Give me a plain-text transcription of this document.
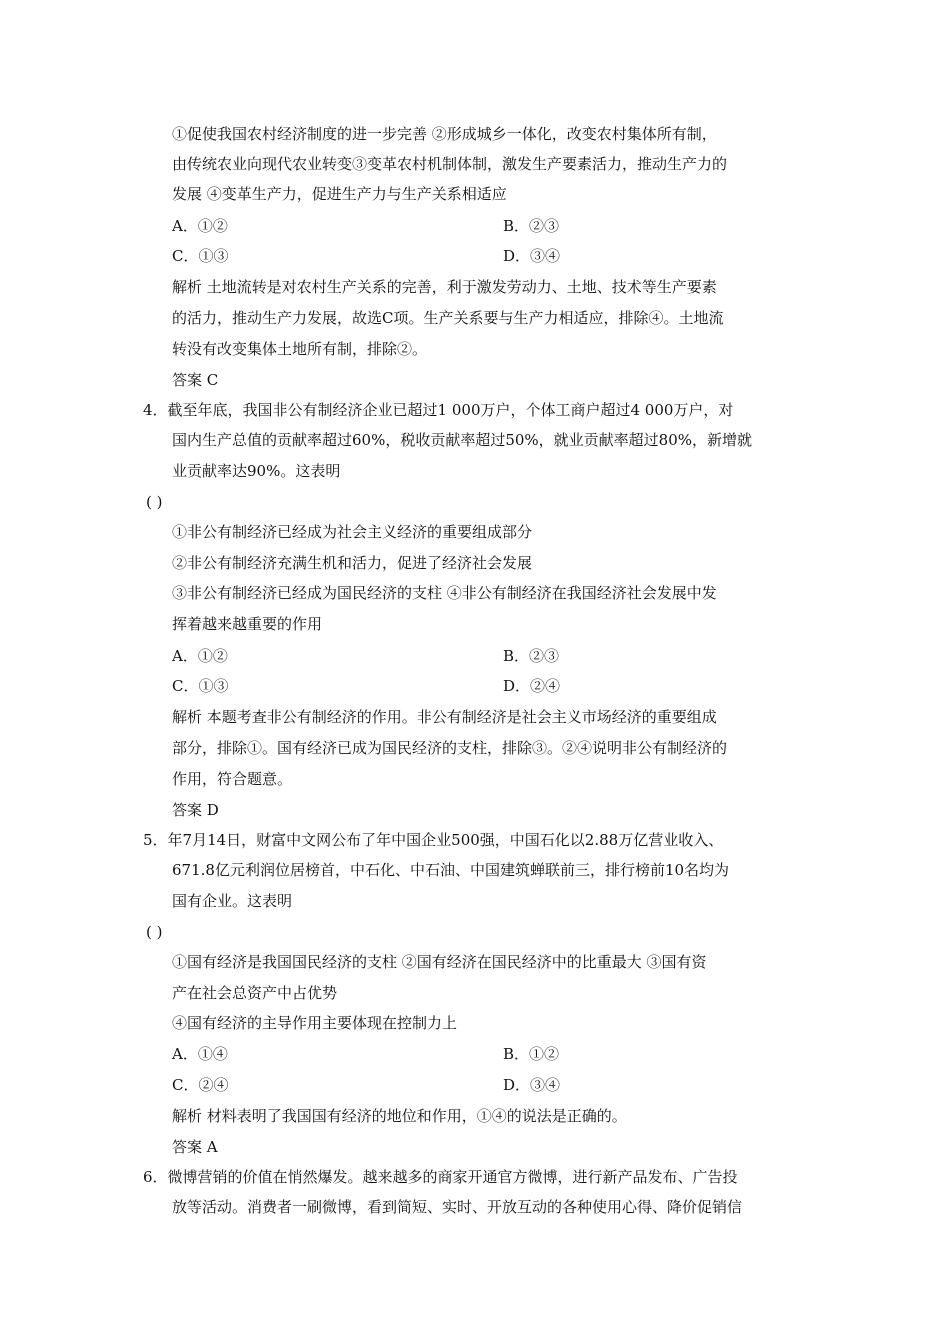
①促使我国农村经济制度的进一步完善 ②形成城乡一体化，改变农村集体所有制，
由传统农业向现代农业转变③变革农村机制体制，激发生产要素活力，推动生产力的
发展 ④变革生产力，促进生产力与生产关系相适应
A．①②	B．②③
C．①③	D．③④
解析 土地流转是对农村生产关系的完善，利于激发劳动力、土地、技术等生产要素
的活力，推动生产力发展，故选C项。生产关系要与生产力相适应，排除④。土地流
转没有改变集体土地所有制，排除②。
答案 C
4．截至年底，我国非公有制经济企业已超过1 000万户，个体工商户超过4 000万户，对
国内生产总值的贡献率超过60%，税收贡献率超过50%，就业贡献率超过80%，新增就
业贡献率达90%。这表明
( )
①非公有制经济已经成为社会主义经济的重要组成部分
②非公有制经济充满生机和活力，促进了经济社会发展
③非公有制经济已经成为国民经济的支柱 ④非公有制经济在我国经济社会发展中发
挥着越来越重要的作用
A．①②	B．②③
C．①③	D．②④
解析 本题考查非公有制经济的作用。非公有制经济是社会主义市场经济的重要组成
部分，排除①。国有经济已成为国民经济的支柱，排除③。②④说明非公有制经济的
作用，符合题意。
答案 D
5．年7月14日，财富中文网公布了年中国企业500强，中国石化以2.88万亿营业收入、
671.8亿元利润位居榜首，中石化、中石油、中国建筑蝉联前三，排行榜前10名均为
国有企业。这表明
( )
①国有经济是我国国民经济的支柱 ②国有经济在国民经济中的比重最大 ③国有资
产在社会总资产中占优势
④国有经济的主导作用主要体现在控制力上
A．①④	B．①②
C．②④	D．③④
解析 材料表明了我国国有经济的地位和作用，①④的说法是正确的。
答案 A
6．微博营销的价值在悄然爆发。越来越多的商家开通官方微博，进行新产品发布、广告投
放等活动。消费者一刷微博，看到简短、实时、开放互动的各种使用心得、降价促销信
